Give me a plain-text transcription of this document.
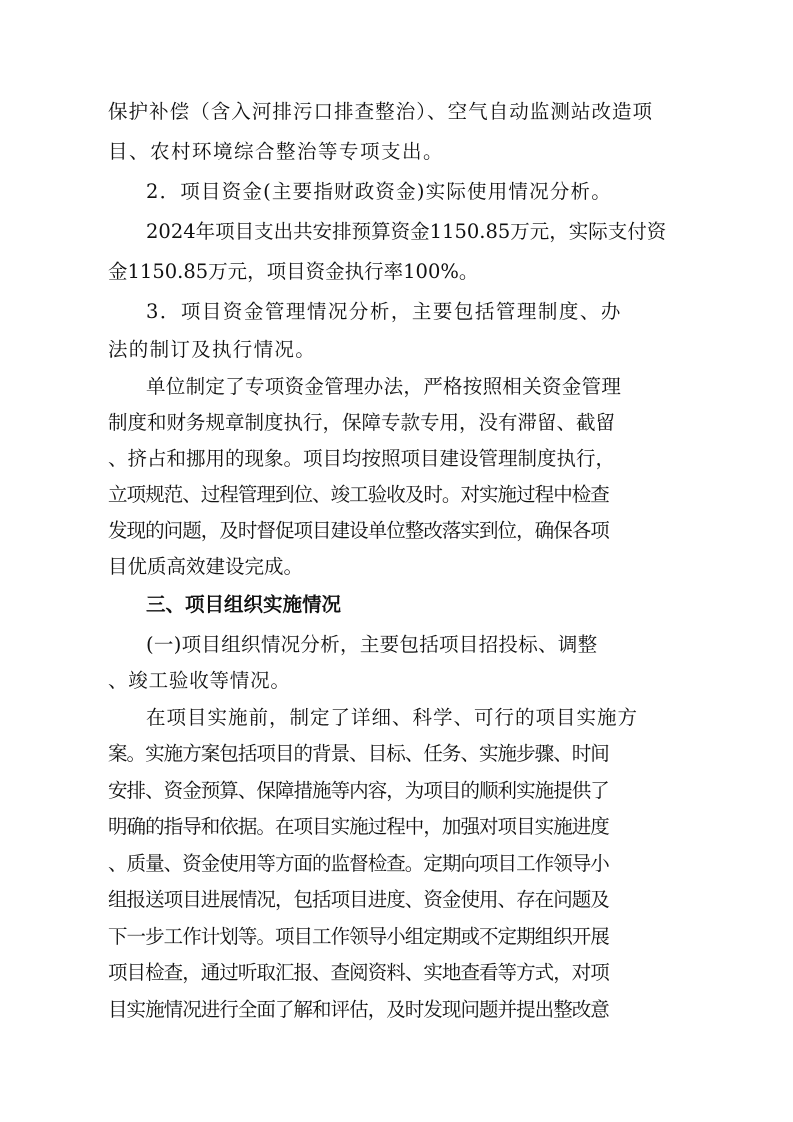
保护补偿（含入河排污口排查整治）、空气自动监测站改造项

目、农村环境综合整治等专项支出。

2．项目资金(主要指财政资金)实际使用情况分析。

2024年项目支出共安排预算资金1150.85万元，实际支付资

金1150.85万元，项目资金执行率100%。

3．项目资金管理情况分析，主要包括管理制度、办

法的制订及执行情况。

单位制定了专项资金管理办法，严格按照相关资金管理

制度和财务规章制度执行，保障专款专用，没有滞留、截留

、挤占和挪用的现象。项目均按照项目建设管理制度执行，

立项规范、过程管理到位、竣工验收及时。对实施过程中检查

发现的问题，及时督促项目建设单位整改落实到位，确保各项

目优质高效建设完成。

三、项目组织实施情况

(一)项目组织情况分析，主要包括项目招投标、调整

、竣工验收等情况。

在项目实施前，制定了详细、科学、可行的项目实施方

案。实施方案包括项目的背景、目标、任务、实施步骤、时间

安排、资金预算、保障措施等内容，为项目的顺利实施提供了

明确的指导和依据。在项目实施过程中，加强对项目实施进度

、质量、资金使用等方面的监督检查。定期向项目工作领导小

组报送项目进展情况，包括项目进度、资金使用、存在问题及

下一步工作计划等。项目工作领导小组定期或不定期组织开展

项目检查，通过听取汇报、查阅资料、实地查看等方式，对项

目实施情况进行全面了解和评估，及时发现问题并提出整改意
